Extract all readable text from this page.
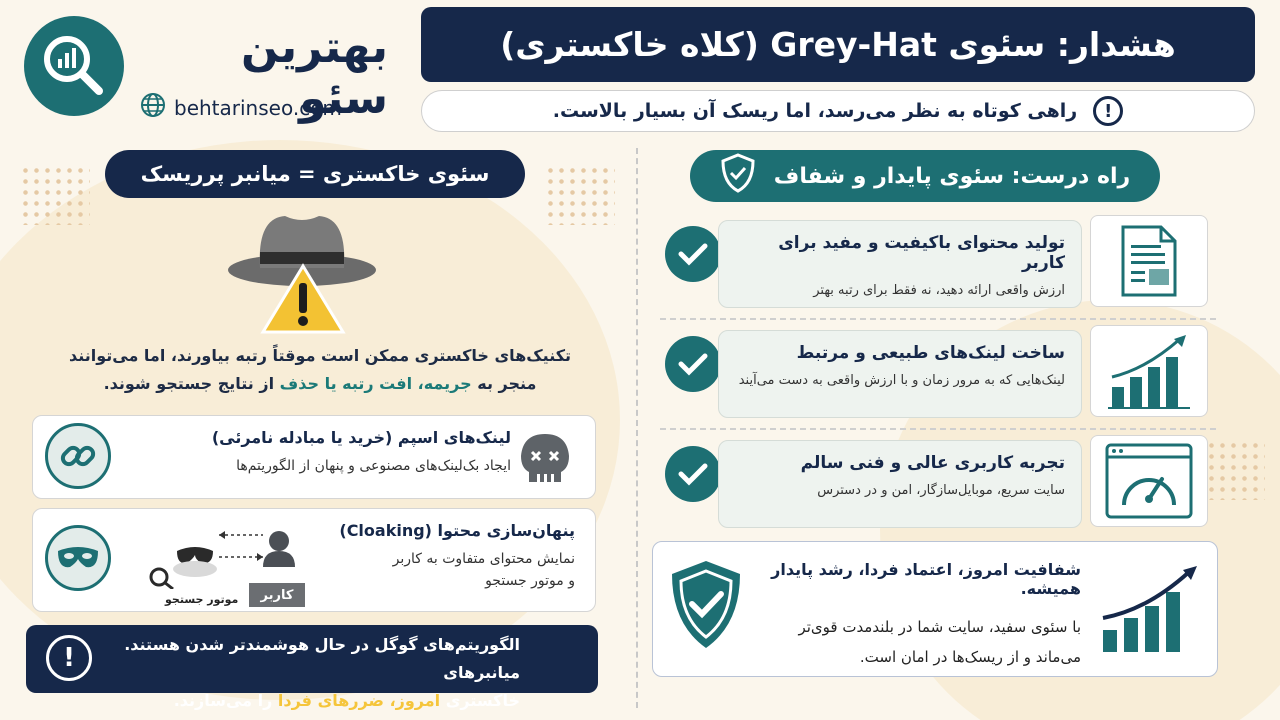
بهترین سئو
behtarinseo.com
هشدار: سئوی Grey-Hat (کلاه خاکستری)
!
راهی کوتاه به نظر می‌رسد، اما ریسک آن بسیار بالاست.
سئوی خاکستری = میانبر پرریسک
تکنیک‌های خاکستری ممکن است موقتاً رتبه بیاورند، اما می‌توانند
منجر به جریمه، افت رتبه یا حذف از نتایج جستجو شوند.
لینک‌های اسپم (خرید یا مبادله نامرئی)
ایجاد بک‌لینک‌های مصنوعی و پنهان از الگوریتم‌ها
کاربر
موتور جستجو
پنهان‌سازی محتوا (Cloaking)
نمایش محتوای متفاوت به کاربر
و موتور جستجو
!	الگوریتم‌های گوگل در حال هوشمندتر شدن هستند. میانبرهای
خاکستری امروز، ضررهای فردا را می‌سازند.
راه درست: سئوی پایدار و شفاف
تولید محتوای باکیفیت و مفید برای کاربر
ارزش واقعی ارائه دهید، نه فقط برای رتبه بهتر
ساخت لینک‌های طبیعی و مرتبط
لینک‌هایی که به مرور زمان و با ارزش واقعی به دست می‌آیند
تجربه کاربری عالی و فنی سالم
سایت سریع، موبایل‌سازگار، امن و در دسترس
شفافیت امروز، اعتماد فردا، رشد پایدار همیشه.
با سئوی سفید، سایت شما در بلندمدت قوی‌تر
می‌ماند و از ریسک‌ها در امان است.
